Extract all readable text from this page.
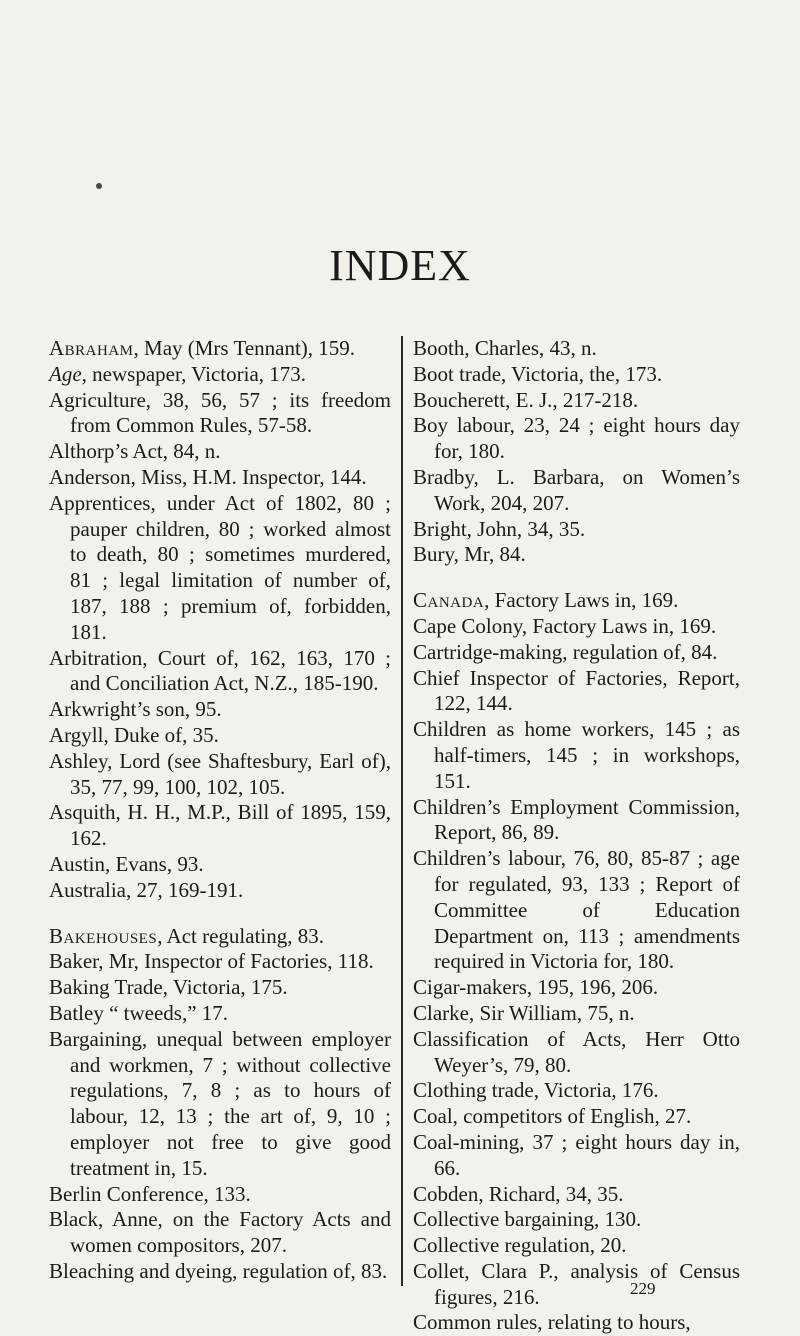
INDEX
Abraham, May (Mrs Tennant), 159.
Age, newspaper, Victoria, 173.
Agriculture, 38, 56, 57 ; its freedom from Common Rules, 57-58.
Althorp’s Act, 84, n.
Anderson, Miss, H.M. Inspector, 144.
Apprentices, under Act of 1802, 80 ; pauper children, 80 ; worked almost to death, 80 ; sometimes murdered, 81 ; legal limitation of number of, 187, 188 ; premium of, forbidden, 181.
Arbitration, Court of, 162, 163, 170 ; and Conciliation Act, N.Z., 185-190.
Arkwright’s son, 95.
Argyll, Duke of, 35.
Ashley, Lord (see Shaftesbury, Earl of), 35, 77, 99, 100, 102, 105.
Asquith, H. H., M.P., Bill of 1895, 159, 162.
Austin, Evans, 93.
Australia, 27, 169-191.
Bakehouses, Act regulating, 83.
Baker, Mr, Inspector of Factories, 118.
Baking Trade, Victoria, 175.
Batley “ tweeds,” 17.
Bargaining, unequal between employer and workmen, 7 ; without collective regulations, 7, 8 ; as to hours of labour, 12, 13 ; the art of, 9, 10 ; employer not free to give good treatment in, 15.
Berlin Conference, 133.
Black, Anne, on the Factory Acts and women compositors, 207.
Bleaching and dyeing, regulation of, 83.
Booth, Charles, 43, n.
Boot trade, Victoria, the, 173.
Boucherett, E. J., 217-218.
Boy labour, 23, 24 ; eight hours day for, 180.
Bradby, L. Barbara, on Women’s Work, 204, 207.
Bright, John, 34, 35.
Bury, Mr, 84.
Canada, Factory Laws in, 169.
Cape Colony, Factory Laws in, 169.
Cartridge-making, regulation of, 84.
Chief Inspector of Factories, Report, 122, 144.
Children as home workers, 145 ; as half-timers, 145 ; in workshops, 151.
Children’s Employment Commission, Report, 86, 89.
Children’s labour, 76, 80, 85-87 ; age for regulated, 93, 133 ; Report of Committee of Education Department on, 113 ; amendments required in Victoria for, 180.
Cigar-makers, 195, 196, 206.
Clarke, Sir William, 75, n.
Classification of Acts, Herr Otto Weyer’s, 79, 80.
Clothing trade, Victoria, 176.
Coal, competitors of English, 27.
Coal-mining, 37 ; eight hours day in, 66.
Cobden, Richard, 34, 35.
Collective bargaining, 130.
Collective regulation, 20.
Collet, Clara P., analysis of Census figures, 216.
Common rules, relating to hours,
229
